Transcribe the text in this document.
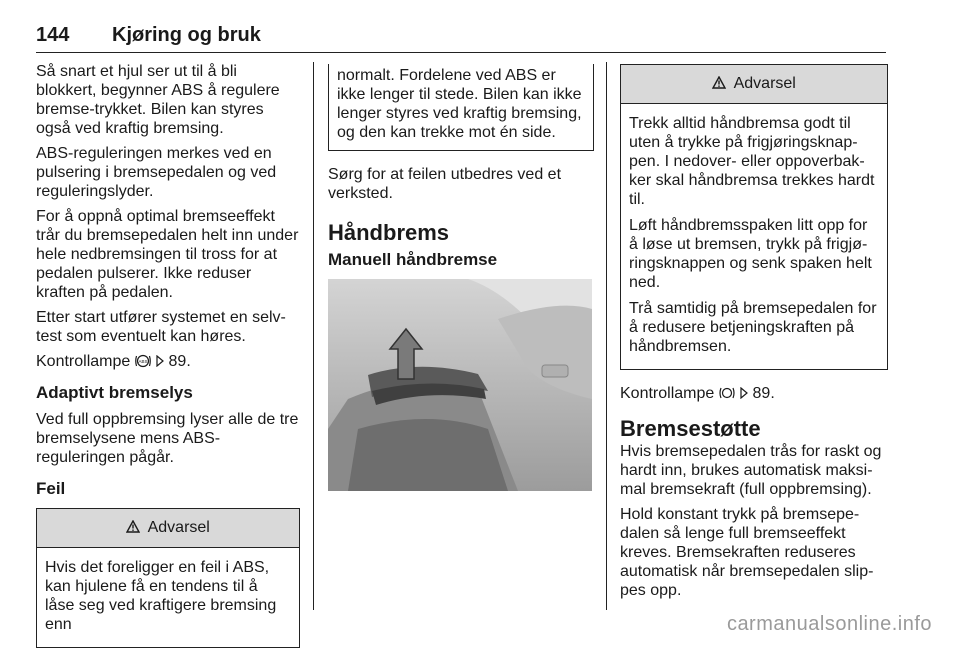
144 Kjøring og bruk

Så snart et hjul ser ut til å bli blokkert, begynner ABS å regulere bremse-trykket. Bilen kan styres også ved kraftig bremsing.

ABS-reguleringen merkes ved en pulsering i bremsepedalen og ved reguleringslyder.

For å oppnå optimal bremseeffekt trår du bremsepedalen helt inn under hele nedbremsingen til tross for at pedalen pulserer. Ikke reduser kraften på pedalen.

Etter start utfører systemet en selv-test som eventuelt kan høres.

Kontrollampe ABS 89.

Adaptivt bremselys

Ved full oppbremsing lyser alle de tre bremselysene mens ABS-reguleringen pågår.

Feil
Advarsel

Hvis det foreligger en feil i ABS, kan hjulene få en tendens til å låse seg ved kraftigere bremsing enn

normalt. Fordelene ved ABS er ikke lenger til stede. Bilen kan ikke lenger styres ved kraftig bremsing, og den kan trekke mot én side.

Sørg for at feilen utbedres ved et verksted.

Håndbrems
Manuell håndbremse
Advarsel

Trekk alltid håndbremsa godt til uten å trykke på frigjøringsknap-pen. I nedover- eller oppoverbak-ker skal håndbremsa trekkes hardt til.

Løft håndbremsspaken litt opp for å løse ut bremsen, trykk på frigjø-ringsknappen og senk spaken helt ned.

Trå samtidig på bremsepedalen for å redusere betjeningskraften på håndbremsen.

Kontrollampe 89.

Bremsestøtte

Hvis bremsepedalen trås for raskt og hardt inn, brukes automatisk maksi-mal bremsekraft (full oppbremsing).

Hold konstant trykk på bremsepe-dalen så lenge full bremseeffekt kreves. Bremsekraften reduseres automatisk når bremsepedalen slip-pes opp.

carmanualsonline.info
